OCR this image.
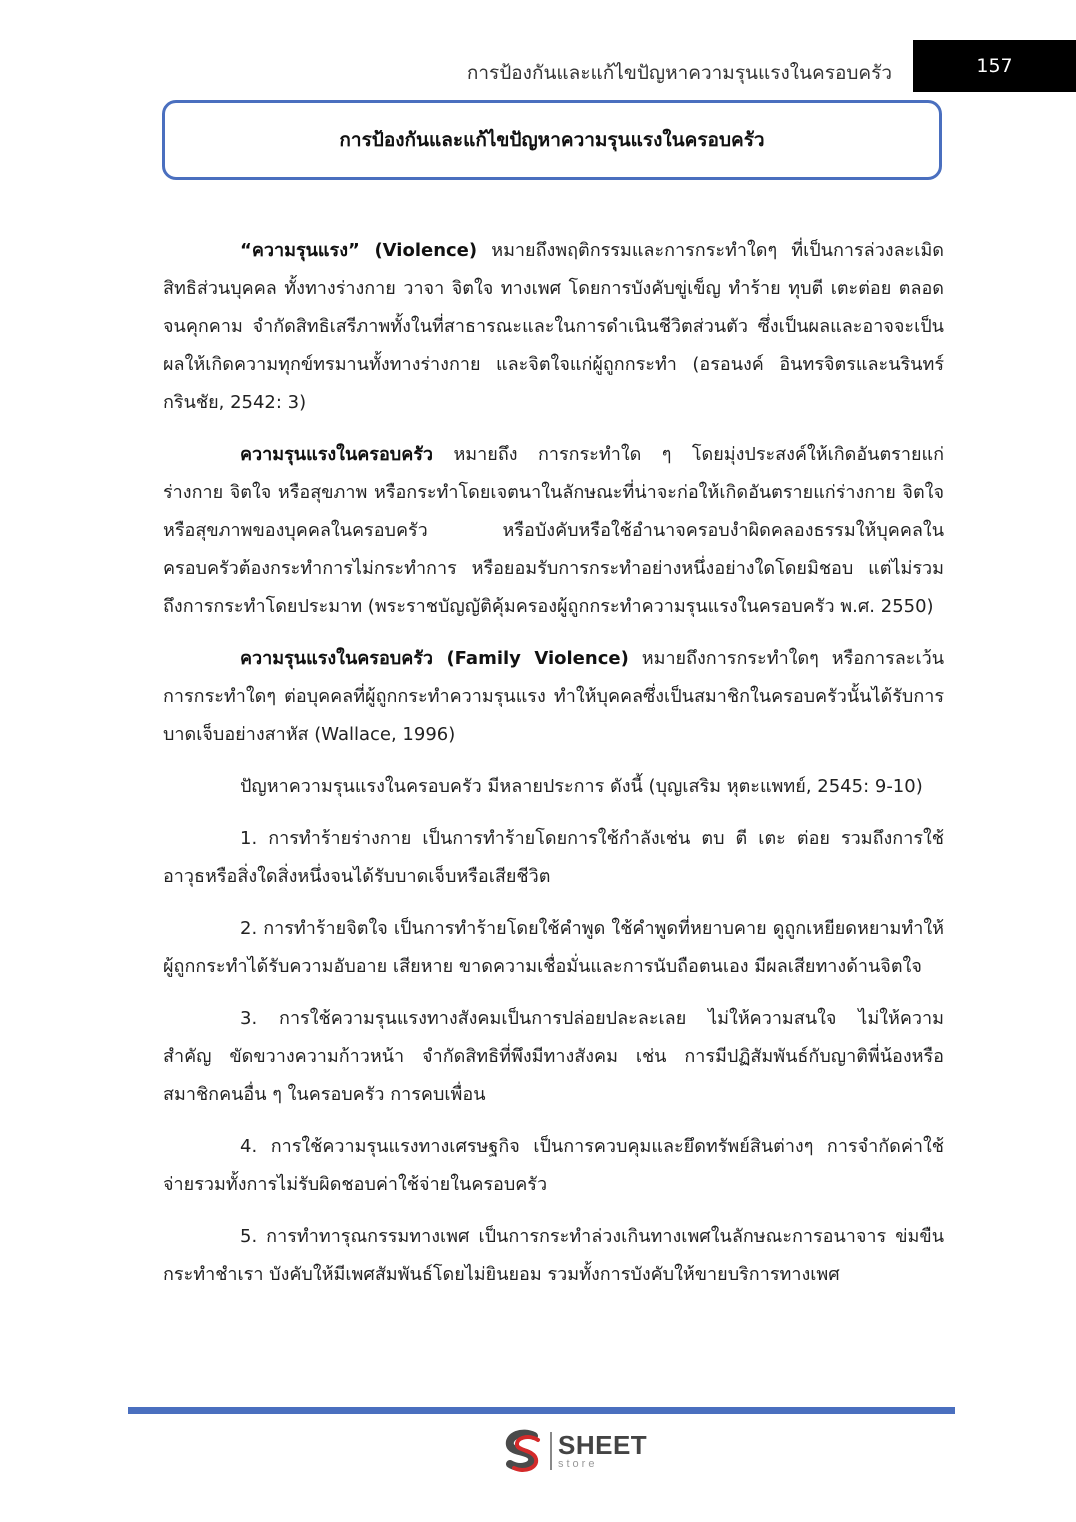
การป้องกันและแก้ไขปัญหาความรุนแรงในครอบครัว	157
การป้องกันและแก้ไขปัญหาความรุนแรงในครอบครัว

“ความรุนแรง” (Violence) หมายถึงพฤติกรรมและการกระทำใดๆ ที่เป็นการล่วงละเมิดสิทธิส่วนบุคคล ทั้งทางร่างกาย วาจา จิตใจ ทางเพศ โดยการบังคับขู่เข็ญ ทำร้าย ทุบตี เตะต่อย ตลอดจนคุกคาม จำกัดสิทธิเสรีภาพทั้งในที่สาธารณะและในการดำเนินชีวิตส่วนตัว ซึ่งเป็นผลและอาจจะเป็นผลให้เกิดความทุกข์ทรมานทั้งทางร่างกาย และจิตใจแก่ผู้ถูกกระทำ (อรอนงค์ อินทรจิตรและนรินทร์ กรินชัย, 2542: 3)

ความรุนแรงในครอบครัว หมายถึง การกระทำใด ๆ โดยมุ่งประสงค์ให้เกิดอันตรายแก่ร่างกาย จิตใจ หรือสุขภาพ หรือกระทำโดยเจตนาในลักษณะที่น่าจะก่อให้เกิดอันตรายแก่ร่างกาย จิตใจ หรือสุขภาพของบุคคลในครอบครัว หรือบังคับหรือใช้อำนาจครอบงำผิดคลองธรรมให้บุคคลในครอบครัวต้องกระทำการไม่กระทำการ หรือยอมรับการกระทำอย่างหนึ่งอย่างใดโดยมิชอบ แต่ไม่รวมถึงการกระทำโดยประมาท (พระราชบัญญัติคุ้มครองผู้ถูกกระทำความรุนแรงในครอบครัว พ.ศ. 2550)

ความรุนแรงในครอบครัว (Family Violence) หมายถึงการกระทำใดๆ หรือการละเว้นการกระทำใดๆ ต่อบุคคลที่ผู้ถูกกระทำความรุนแรง ทำให้บุคคลซึ่งเป็นสมาชิกในครอบครัวนั้นได้รับการบาดเจ็บอย่างสาหัส (Wallace, 1996)

ปัญหาความรุนแรงในครอบครัว มีหลายประการ ดังนี้ (บุญเสริม หุตะแพทย์, 2545: 9-10)

1. การทำร้ายร่างกาย เป็นการทำร้ายโดยการใช้กำลังเช่น ตบ ตี เตะ ต่อย รวมถึงการใช้อาวุธหรือสิ่งใดสิ่งหนึ่งจนได้รับบาดเจ็บหรือเสียชีวิต

2. การทำร้ายจิตใจ เป็นการทำร้ายโดยใช้คำพูด ใช้คำพูดที่หยาบคาย ดูถูกเหยียดหยามทำให้ผู้ถูกกระทำได้รับความอับอาย เสียหาย ขาดความเชื่อมั่นและการนับถือตนเอง มีผลเสียทางด้านจิตใจ

3. การใช้ความรุนแรงทางสังคมเป็นการปล่อยปละละเลย ไม่ให้ความสนใจ ไม่ให้ความสำคัญ ขัดขวางความก้าวหน้า จำกัดสิทธิที่พึงมีทางสังคม เช่น การมีปฏิสัมพันธ์กับญาติพี่น้องหรือสมาชิกคนอื่น ๆ ในครอบครัว การคบเพื่อน

4. การใช้ความรุนแรงทางเศรษฐกิจ เป็นการควบคุมและยึดทรัพย์สินต่างๆ การจำกัดค่าใช้จ่ายรวมทั้งการไม่รับผิดชอบค่าใช้จ่ายในครอบครัว

5. การทำทารุณกรรมทางเพศ เป็นการกระทำล่วงเกินทางเพศในลักษณะการอนาจาร ข่มขืนกระทำชำเรา บังคับให้มีเพศสัมพันธ์โดยไม่ยินยอม รวมทั้งการบังคับให้ขายบริการทางเพศ

SHEET
store
